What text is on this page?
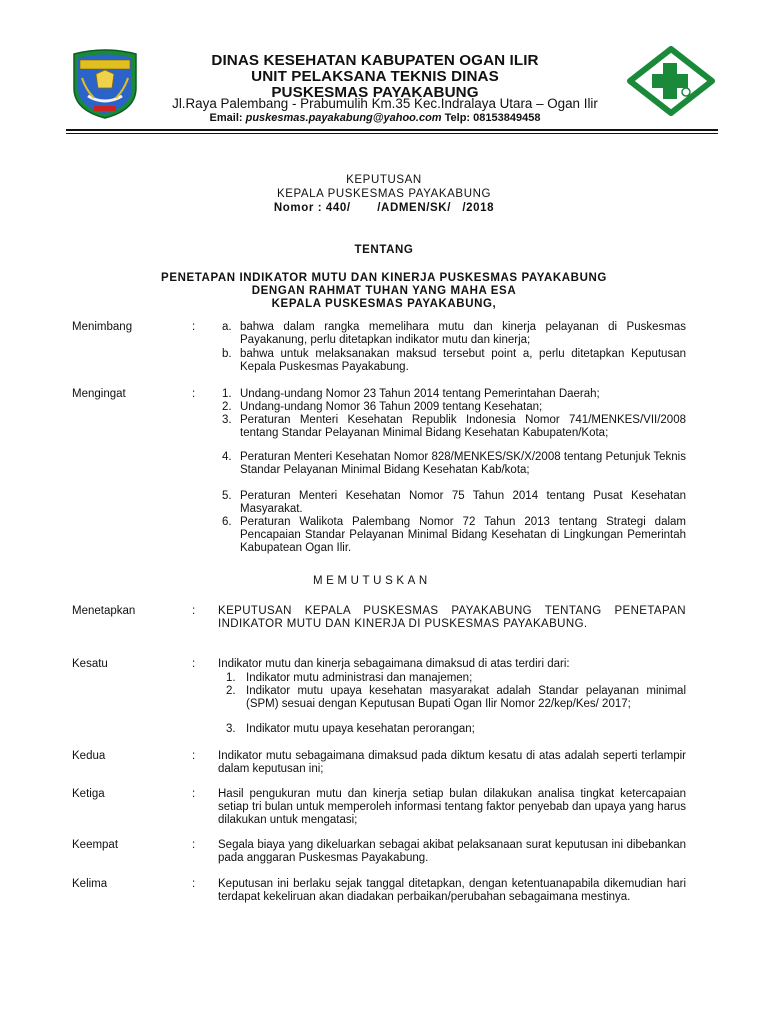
DINAS KESEHATAN KABUPATEN OGAN ILIR
UNIT PELAKSANA TEKNIS DINAS
PUSKESMAS PAYAKABUNG
Jl.Raya Palembang - Prabumulih Km.35 Kec.Indralaya Utara – Ogan Ilir
Email: puskesmas.payakabung@yahoo.com Telp: 08153849458
KEPUTUSAN
KEPALA PUSKESMAS PAYAKABUNG
Nomor : 440/       /ADMEN/SK/   /2018
TENTANG
PENETAPAN INDIKATOR MUTU DAN KINERJA PUSKESMAS PAYAKABUNG
DENGAN RAHMAT TUHAN YANG MAHA ESA
KEPALA PUSKESMAS PAYAKABUNG,
Menimbang	: a. bahwa dalam rangka memelihara mutu dan kinerja pelayanan di Puskesmas Payakanung, perlu ditetapkan indikator mutu dan kinerja;
b. bahwa untuk melaksanakan maksud tersebut point a, perlu ditetapkan Keputusan Kepala Puskesmas Payakabung.
Mengingat	: 1. Undang-undang Nomor 23 Tahun 2014 tentang Pemerintahan Daerah;
2. Undang-undang Nomor 36 Tahun 2009 tentang Kesehatan;
3. Peraturan Menteri Kesehatan Republik Indonesia Nomor 741/MENKES/VII/2008 tentang Standar Pelayanan Minimal Bidang Kesehatan Kabupaten/Kota;
4. Peraturan Menteri Kesehatan Nomor 828/MENKES/SK/X/2008 tentang Petunjuk Teknis Standar Pelayanan Minimal Bidang Kesehatan Kab/kota;
5. Peraturan Menteri Kesehatan Nomor 75 Tahun 2014 tentang Pusat Kesehatan Masyarakat.
6. Peraturan Walikota Palembang Nomor 72 Tahun 2013 tentang Strategi dalam Pencapaian Standar Pelayanan Minimal Bidang Kesehatan di Lingkungan Pemerintah Kabupatean Ogan Ilir.
MEMUTUSKAN
Menetapkan	: KEPUTUSAN KEPALA PUSKESMAS PAYAKABUNG TENTANG PENETAPAN INDIKATOR MUTU DAN KINERJA DI PUSKESMAS PAYAKABUNG.
Kesatu	: Indikator mutu dan kinerja sebagaimana dimaksud di atas terdiri dari:
1. Indikator mutu administrasi dan manajemen;
2. Indikator mutu upaya kesehatan masyarakat adalah Standar pelayanan minimal (SPM) sesuai dengan Keputusan Bupati Ogan Ilir Nomor 22/kep/Kes/ 2017;
3. Indikator mutu upaya kesehatan perorangan;
Kedua	: Indikator mutu sebagaimana dimaksud pada diktum kesatu di atas adalah seperti terlampir dalam keputusan ini;
Ketiga	: Hasil pengukuran mutu dan kinerja setiap bulan dilakukan analisa tingkat ketercapaian setiap tri bulan untuk memperoleh informasi tentang faktor penyebab dan upaya yang harus dilakukan untuk mengatasi;
Keempat	: Segala biaya yang dikeluarkan sebagai akibat pelaksanaan surat keputusan ini dibebankan pada anggaran Puskesmas Payakabung.
Kelima	: Keputusan ini berlaku sejak tanggal ditetapkan, dengan ketentuanapabila dikemudian hari terdapat kekeliruan akan diadakan perbaikan/perubahan sebagaimana mestinya.
